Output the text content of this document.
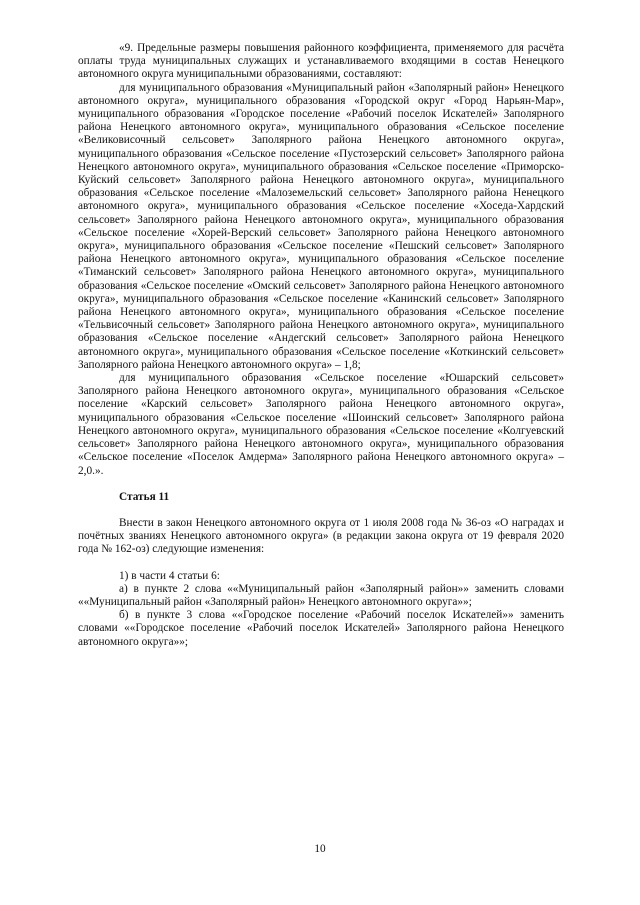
«9. Предельные размеры повышения районного коэффициента, применяемого для расчёта оплаты труда муниципальных служащих и устанавливаемого входящими в состав Ненецкого автономного округа муниципальными образованиями, составляют:

для муниципального образования «Муниципальный район «Заполярный район» Ненецкого автономного округа», муниципального образования «Городской округ «Город Нарьян-Мар», муниципального образования «Городское поселение «Рабочий поселок Искателей» Заполярного района Ненецкого автономного округа», муниципального образования «Сельское поселение «Великовисочный сельсовет» Заполярного района Ненецкого автономного округа», муниципального образования «Сельское поселение «Пустозерский сельсовет» Заполярного района Ненецкого автономного округа», муниципального образования «Сельское поселение «Приморско-Куйский сельсовет» Заполярного района Ненецкого автономного округа», муниципального образования «Сельское поселение «Малоземельский сельсовет» Заполярного района Ненецкого автономного округа», муниципального образования «Сельское поселение «Хоседа-Хардский сельсовет» Заполярного района Ненецкого автономного округа», муниципального образования «Сельское поселение «Хорей-Верский сельсовет» Заполярного района Ненецкого автономного округа», муниципального образования «Сельское поселение «Пешский сельсовет» Заполярного района Ненецкого автономного округа», муниципального образования «Сельское поселение «Тиманский сельсовет» Заполярного района Ненецкого автономного округа», муниципального образования «Сельское поселение «Омский сельсовет» Заполярного района Ненецкого автономного округа», муниципального образования «Сельское поселение «Канинский сельсовет» Заполярного района Ненецкого автономного округа», муниципального образования «Сельское поселение «Тельвисочный сельсовет» Заполярного района Ненецкого автономного округа», муниципального образования «Сельское поселение «Андегский сельсовет» Заполярного района Ненецкого автономного округа», муниципального образования «Сельское поселение «Коткинский сельсовет» Заполярного района Ненецкого автономного округа» – 1,8;

для муниципального образования «Сельское поселение «Юшарский сельсовет» Заполярного района Ненецкого автономного округа», муниципального образования «Сельское поселение «Карский сельсовет» Заполярного района Ненецкого автономного округа», муниципального образования «Сельское поселение «Шоинский сельсовет» Заполярного района Ненецкого автономного округа», муниципального образования «Сельское поселение «Колгуевский сельсовет» Заполярного района Ненецкого автономного округа», муниципального образования «Сельское поселение «Поселок Амдерма» Заполярного района Ненецкого автономного округа» – 2,0.».

Статья 11

Внести в закон Ненецкого автономного округа от 1 июля 2008 года № 36-оз «О наградах и почётных званиях Ненецкого автономного округа» (в редакции закона округа от 19 февраля 2020 года № 162-оз) следующие изменения:

1) в части 4 статьи 6:

а) в пункте 2 слова ««Муниципальный район «Заполярный район»» заменить словами ««Муниципальный район «Заполярный район» Ненецкого автономного округа»»;

б) в пункте 3 слова ««Городское поселение «Рабочий поселок Искателей»» заменить словами ««Городское поселение «Рабочий поселок Искателей» Заполярного района Ненецкого автономного округа»»;

10
